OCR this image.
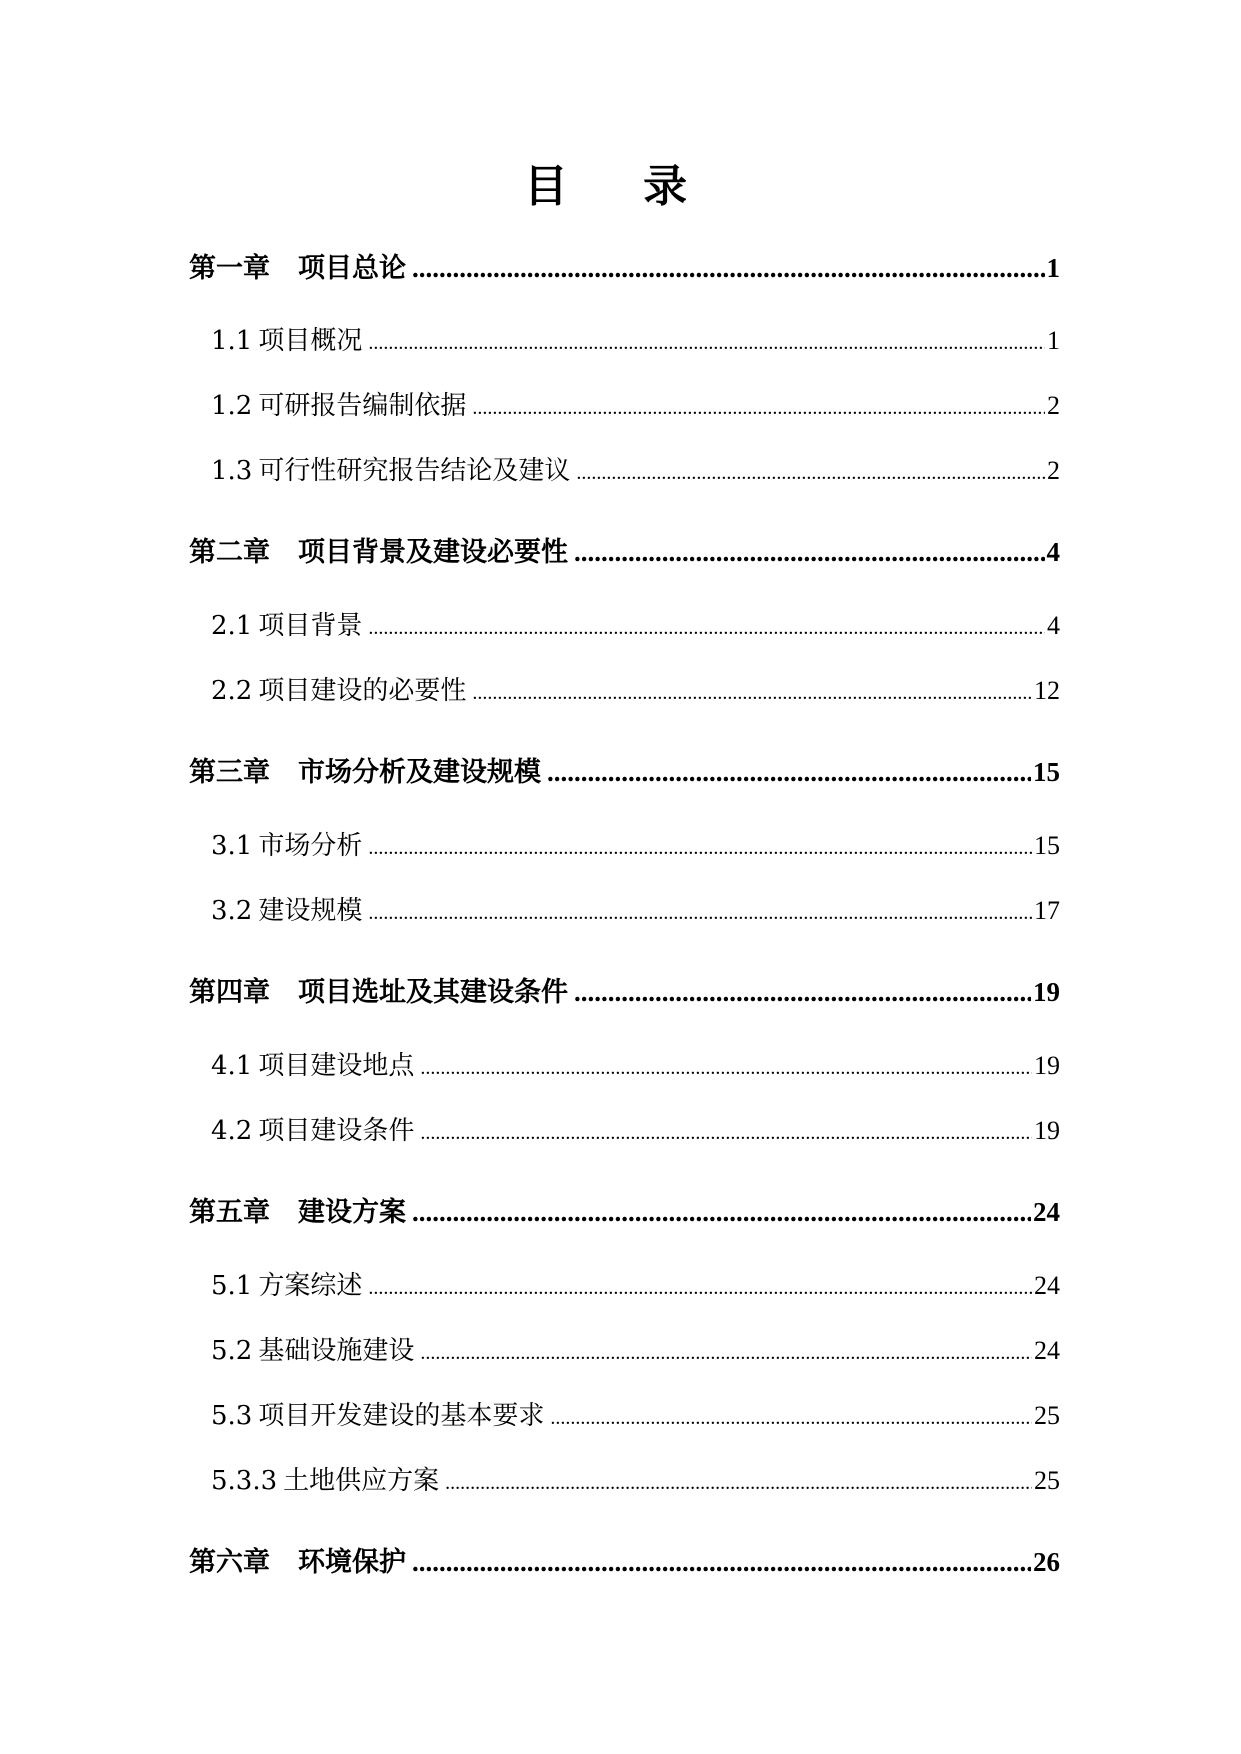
目 录
第一章 项目总论 .....	1
1.1 项目概况 .....	1
1.2 可研报告编制依据 .....	2
1.3 可行性研究报告结论及建议 .....	2
第二章 项目背景及建设必要性 .....	4
2.1 项目背景 .....	4
2.2 项目建设的必要性 .....	12
第三章 市场分析及建设规模 .....	15
3.1 市场分析 .....	15
3.2 建设规模 .....	17
第四章 项目选址及其建设条件 .....	19
4.1 项目建设地点 .....	19
4.2 项目建设条件 .....	19
第五章 建设方案 .....	24
5.1 方案综述 .....	24
5.2 基础设施建设 .....	24
5.3 项目开发建设的基本要求 .....	25
5.3.3 土地供应方案 .....	25
第六章 环境保护 .....	26
